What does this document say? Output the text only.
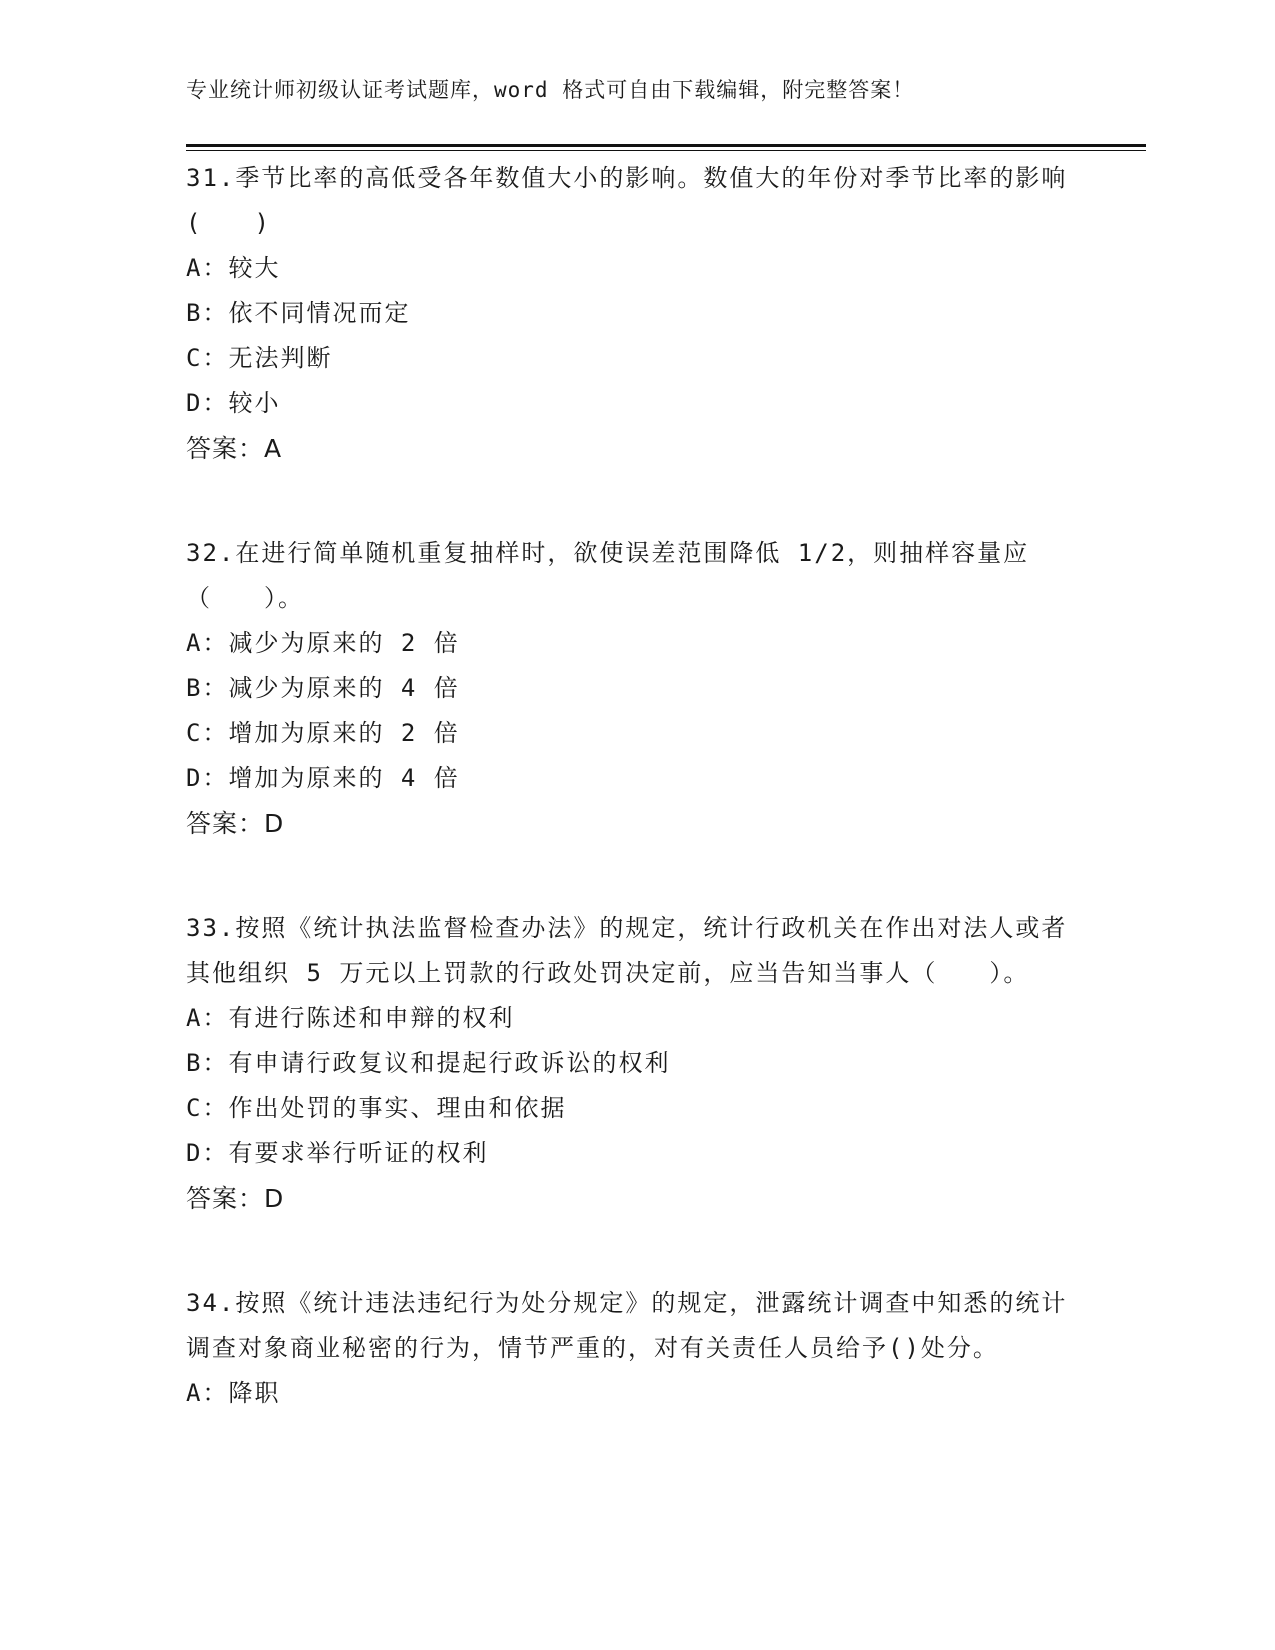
专业统计师初级认证考试题库，word 格式可自由下载编辑，附完整答案！
31.季节比率的高低受各年数值大小的影响。数值大的年份对季节比率的影响(　　)
A：较大
B：依不同情况而定
C：无法判断
D：较小
答案：A
32.在进行简单随机重复抽样时，欲使误差范围降低 1/2，则抽样容量应（　　）。
A：减少为原来的 2 倍
B：减少为原来的 4 倍
C：增加为原来的 2 倍
D：增加为原来的 4 倍
答案：D
33.按照《统计执法监督检查办法》的规定，统计行政机关在作出对法人或者其他组织 5 万元以上罚款的行政处罚决定前，应当告知当事人（　　）。
A：有进行陈述和申辩的权利
B：有申请行政复议和提起行政诉讼的权利
C：作出处罚的事实、理由和依据
D：有要求举行听证的权利
答案：D
34.按照《统计违法违纪行为处分规定》的规定，泄露统计调查中知悉的统计调查对象商业秘密的行为，情节严重的，对有关责任人员给予()处分。
A：降职
